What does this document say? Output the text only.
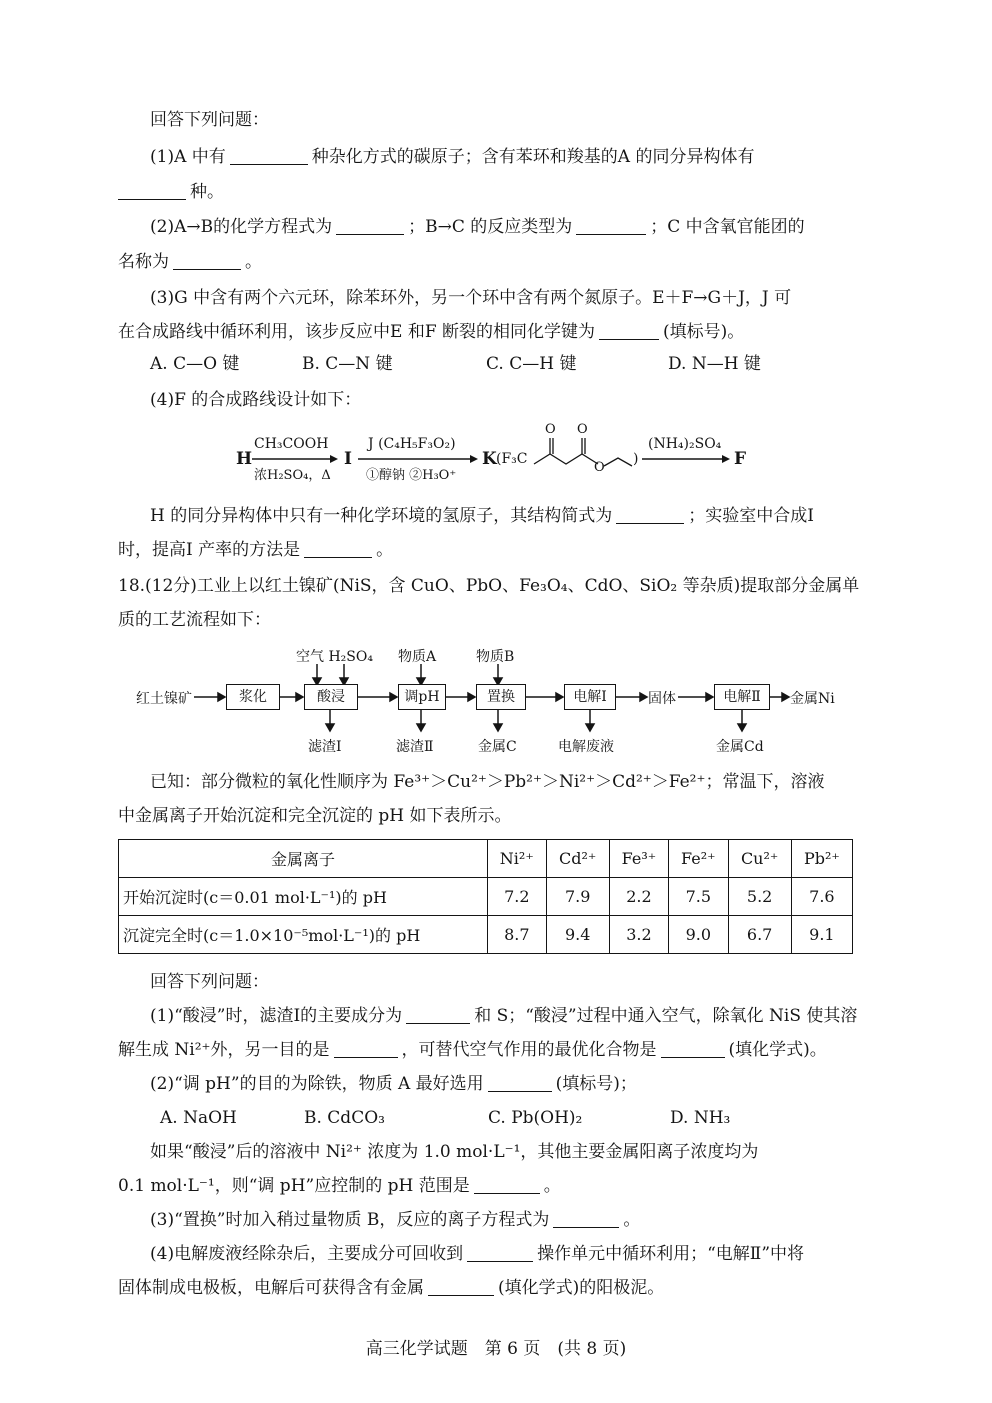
回答下列问题：
(1)A 中有	种杂化方式的碳原子；含有苯环和羧基的A 的同分异构体有
种。
(2)A→B的化学方程式为	；B→C 的反应类型为	；C 中含氧官能团的
名称为	。
(3)G 中含有两个六元环，除苯环外，另一个环中含有两个氮原子。E＋F→G＋J，J 可
在合成路线中循环利用，该步反应中E 和F 断裂的相同化学键为	(填标号)。
A. C—O 键	B. C—N 键	C. C—H 键	D. N—H 键
(4)F 的合成路线设计如下：
H
CH₃COOH
浓H₂SO₄，Δ
I
J (C₄H₅F₃O₂)
①醇钠 ②H₃O⁺
K (F₃C
O O
O
)
(NH₄)₂SO₄
F
H 的同分异构体中只有一种化学环境的氢原子，其结构简式为	；实验室中合成I
时，提高I 产率的方法是	。
18.(12分)工业上以红土镍矿(NiS，含 CuO、PbO、Fe₃O₄、CdO、SiO₂ 等杂质)提取部分金属单
质的工艺流程如下：
红土镍矿	浆化	酸浸	调pH	置换	电解Ⅰ	固体	电解Ⅱ	金属Ni
空气 H₂SO₄ 物质A	物质B
滤渣Ⅰ	滤渣Ⅱ	金属C	电解废液	金属Cd
已知：部分微粒的氧化性顺序为 Fe³⁺＞Cu²⁺＞Pb²⁺＞Ni²⁺＞Cd²⁺＞Fe²⁺；常温下，溶液
中金属离子开始沉淀和完全沉淀的 pH 如下表所示。
金属离子	Ni²⁺	Cd²⁺	Fe³⁺	Fe²⁺	Cu²⁺	Pb²⁺
开始沉淀时(c＝0.01 mol·L⁻¹)的 pH	7.2	7.9	2.2	7.5	5.2	7.6
沉淀完全时(c＝1.0×10⁻⁵mol·L⁻¹)的 pH	8.7	9.4	3.2	9.0	6.7	9.1
回答下列问题：
(1)“酸浸”时，滤渣Ⅰ的主要成分为	和 S；“酸浸”过程中通入空气，除氧化 NiS 使其溶
解生成 Ni²⁺外，另一目的是	，可替代空气作用的最优化合物是	(填化学式)。
(2)“调 pH”的目的为除铁，物质 A 最好选用	(填标号)；
A. NaOH	B. CdCO₃	C. Pb(OH)₂	D. NH₃
如果“酸浸”后的溶液中 Ni²⁺ 浓度为 1.0 mol·L⁻¹，其他主要金属阳离子浓度均为
0.1 mol·L⁻¹，则“调 pH”应控制的 pH 范围是	。
(3)“置换”时加入稍过量物质 B，反应的离子方程式为	。
(4)电解废液经除杂后，主要成分可回收到	操作单元中循环利用；“电解Ⅱ”中将
固体制成电极板，电解后可获得含有金属	(填化学式)的阳极泥。
高三化学试题　第 6 页　(共 8 页)
